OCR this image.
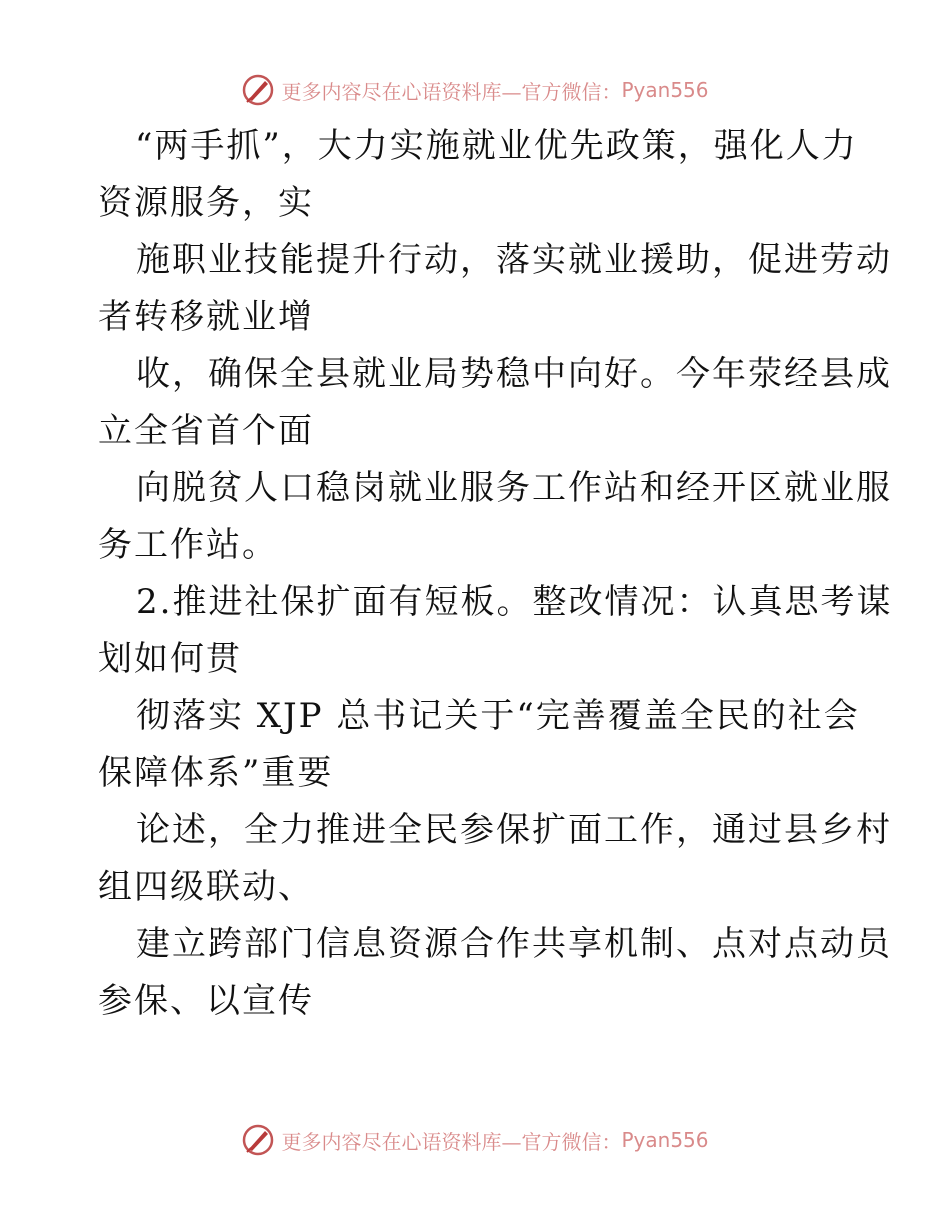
更多内容尽在心语资料库—官方微信： Pyan556
“两手抓”，大力实施就业优先政策，强化人力
资源服务，实
施职业技能提升行动，落实就业援助，促进劳动
者转移就业增
收，确保全县就业局势稳中向好。今年荥经县成
立全省首个面
向脱贫人口稳岗就业服务工作站和经开区就业服
务工作站。
2.推进社保扩面有短板。整改情况：认真思考谋
划如何贯
彻落实 XJP 总书记关于“完善覆盖全民的社会
保障体系”重要
论述，全力推进全民参保扩面工作，通过县乡村
组四级联动、
建立跨部门信息资源合作共享机制、点对点动员
参保、以宣传
更多内容尽在心语资料库—官方微信： Pyan556
